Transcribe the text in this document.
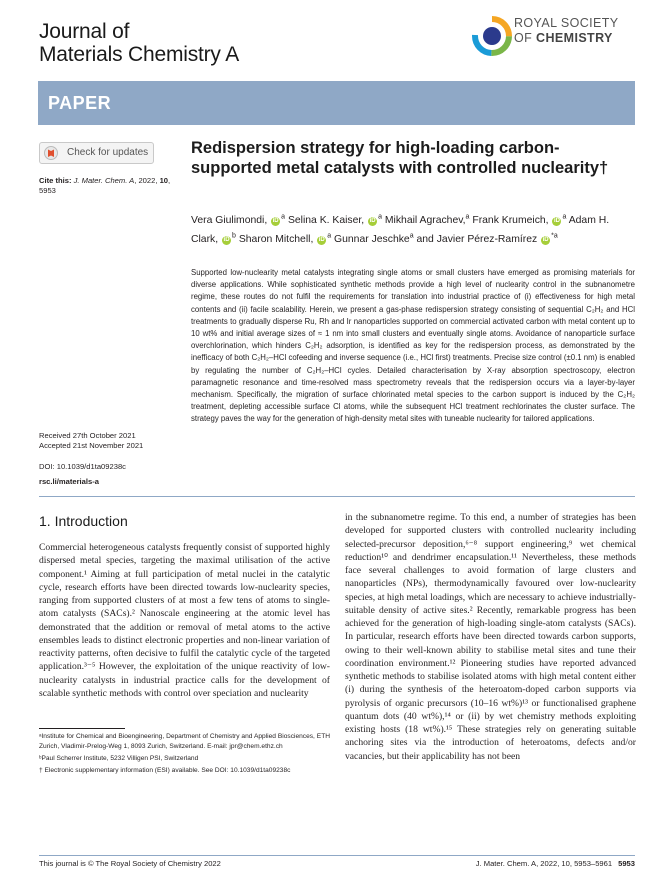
Journal of
Materials Chemistry A
ROYAL SOCIETY
OF CHEMISTRY
PAPER
Check for updates
Cite this: J. Mater. Chem. A, 2022, 10, 5953
Received 27th October 2021
Accepted 21st November 2021
DOI: 10.1039/d1ta09238c
rsc.li/materials-a
Redispersion strategy for high-loading carbon-supported metal catalysts with controlled nuclearity†
Vera Giulimondi, $iD^a$ Selina K. Kaiser, $iD^a$ Mikhail Agrachev,$^a$ Frank Krumeich, $iD^a$ Adam H. Clark, $iD^b$ Sharon Mitchell, $iD^a$ Gunnar Jeschke$^a$ and Javier Pérez-Ramírez $iD^{*a}$
Supported low-nuclearity metal catalysts integrating single atoms or small clusters have emerged as promising materials for diverse applications. While sophisticated synthetic methods provide a high level of nuclearity control in the subnanometre regime, these routes do not fulfil the requirements for translation into industrial practice of (i) effectiveness for high metal contents and (ii) facile scalability. Herein, we present a gas-phase redispersion strategy consisting of sequential C₂H₂ and HCl treatments to gradually disperse Ru, Rh and Ir nanoparticles supported on commercial activated carbon with metal content up to 10 wt% and initial average sizes of ≈ 1 nm into small clusters and eventually single atoms. Avoidance of nanoparticle surface overchlorination, which hinders C₂H₂ adsorption, is identified as key for the redispersion process, as demonstrated by the inefficacy of both C₂H₂–HCl cofeeding and inverse sequence (i.e., HCl first) treatments. Precise size control (±0.1 nm) is enabled by regulating the number of C₂H₂–HCl cycles. Detailed characterisation by X-ray absorption spectroscopy, electron paramagnetic resonance and time-resolved mass spectrometry reveals that the redispersion occurs via a layer-by-layer mechanism. Specifically, the migration of surface chlorinated metal species to the carbon support is induced by the C₂H₂ treatment, depleting accessible surface Cl atoms, while the subsequent HCl treatment rechlorinates the cluster surface. The strategy paves the way for the generation of high-density metal sites with tuneable nuclearity for tailored applications.
1. Introduction
Commercial heterogeneous catalysts frequently consist of supported highly dispersed metal species, targeting the maximal utilisation of the active component.¹ Aiming at full participation of metal nuclei in the catalytic cycle, research efforts have been directed towards low-nuclearity species, ranging from supported clusters of at most a few tens of atoms to single-atom catalysts (SACs).² Nanoscale engineering at the atomic level has demonstrated that the addition or removal of metal atoms to the active ensembles leads to distinct electronic properties and non-linear variation of reactivity patterns, often decisive to fulfil the catalytic cycle of the targeted application.³⁻⁵ However, the exploitation of the unique reactivity of low-nuclearity catalysts in industrial practice calls for the development of scalable synthetic methods with control over speciation and nuclearity
in the subnanometre regime. To this end, a number of strategies has been developed for supported clusters with controlled nuclearity including selected-precursor deposition,⁶⁻⁸ support engineering,⁹ wet chemical reduction¹⁰ and dendrimer encapsulation.¹¹ Nevertheless, these methods face several challenges to avoid formation of large clusters and nanoparticles (NPs), thermodynamically favoured over low-nuclearity species, at high metal loadings, which are necessary to achieve industrially-suitable density of active sites.² Recently, remarkable progress has been achieved for the generation of high-loading single-atom catalysts (SACs). In particular, research efforts have been directed towards carbon supports, owing to their well-known ability to stabilise metal sites and tune their coordination environment.¹² Pioneering studies have reported advanced synthetic methods to stabilise isolated atoms with high metal content either (i) during the synthesis of the heteroatom-doped carbon supports via pyrolysis of organic precursors (10–16 wt%)¹³ or functionalised graphene quantum dots (40 wt%),¹⁴ or (ii) by wet chemistry methods exploiting existing hosts (18 wt%).¹⁵ These strategies rely on generating suitable anchoring sites via the introduction of heteroatoms, defects and/or vacancies, but their applicability has not been

ᵃInstitute for Chemical and Bioengineering, Department of Chemistry and Applied Biosciences, ETH Zurich, Vladimir-Prelog-Weg 1, 8093 Zurich, Switzerland. E-mail: jpr@chem.ethz.ch

ᵇPaul Scherrer Institute, 5232 Villigen PSI, Switzerland

† Electronic supplementary information (ESI) available. See DOI: 10.1039/d1ta09238c

This journal is © The Royal Society of Chemistry 2022	J. Mater. Chem. A, 2022, 10, 5953–5961 5953
